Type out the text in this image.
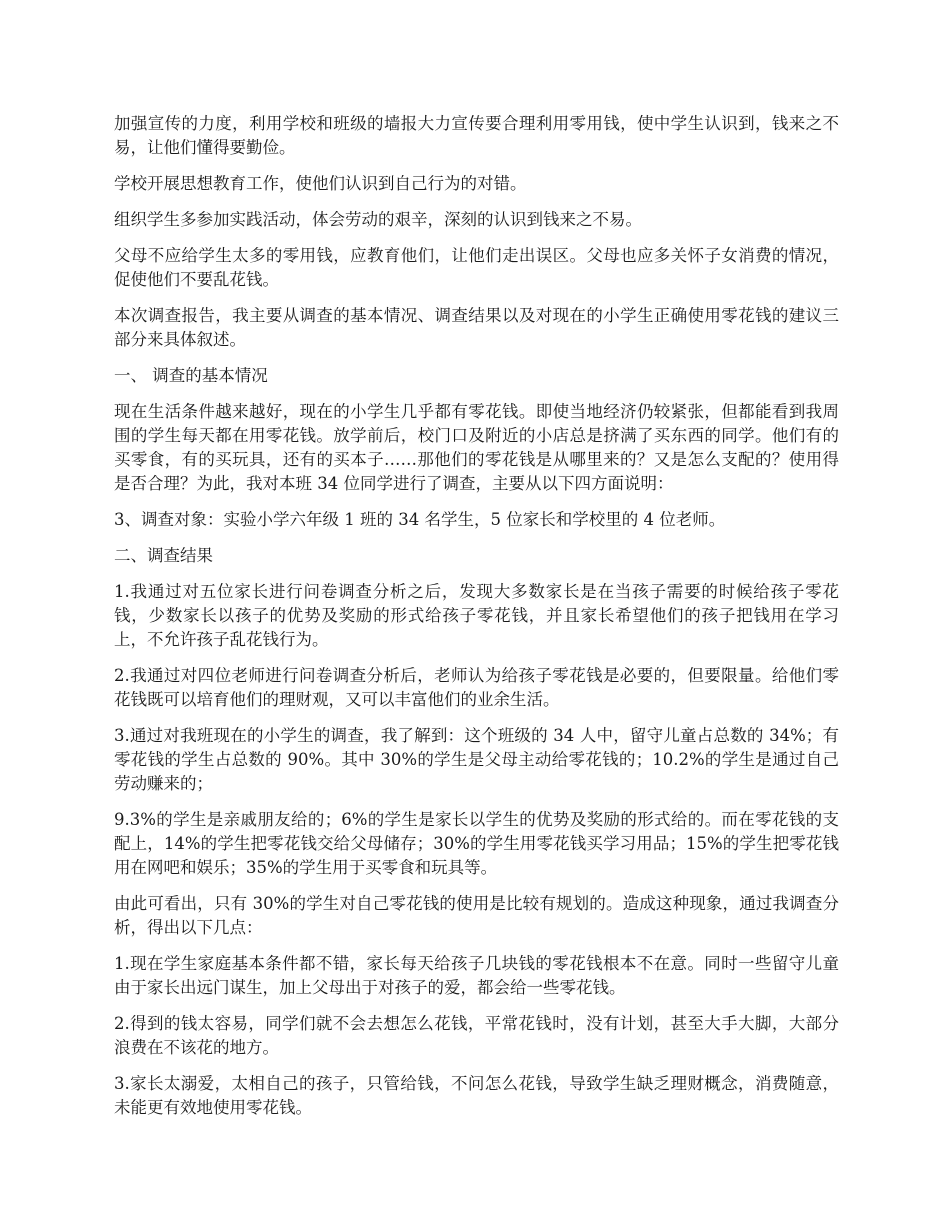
加强宣传的力度，利用学校和班级的墙报大力宣传要合理利用零用钱，使中学生认识到，钱来之不易，让他们懂得要勤俭。

学校开展思想教育工作，使他们认识到自己行为的对错。

组织学生多参加实践活动，体会劳动的艰辛，深刻的认识到钱来之不易。

父母不应给学生太多的零用钱，应教育他们，让他们走出误区。父母也应多关怀子女消费的情况，促使他们不要乱花钱。

本次调查报告，我主要从调查的基本情况、调查结果以及对现在的小学生正确使用零花钱的建议三部分来具体叙述。

一、 调查的基本情况

现在生活条件越来越好，现在的小学生几乎都有零花钱。即使当地经济仍较紧张，但都能看到我周围的学生每天都在用零花钱。放学前后，校门口及附近的小店总是挤满了买东西的同学。他们有的买零食，有的买玩具，还有的买本子……那他们的零花钱是从哪里来的？又是怎么支配的？使用得是否合理？为此，我对本班 34 位同学进行了调查，主要从以下四方面说明：

3、调查对象：实验小学六年级 1 班的 34 名学生，5 位家长和学校里的 4 位老师。

二、调查结果

1.我通过对五位家长进行问卷调查分析之后，发现大多数家长是在当孩子需要的时候给孩子零花钱，少数家长以孩子的优势及奖励的形式给孩子零花钱，并且家长希望他们的孩子把钱用在学习上，不允许孩子乱花钱行为。

2.我通过对四位老师进行问卷调查分析后，老师认为给孩子零花钱是必要的，但要限量。给他们零花钱既可以培育他们的理财观，又可以丰富他们的业余生活。

3.通过对我班现在的小学生的调查，我了解到：这个班级的 34 人中，留守儿童占总数的 34%；有零花钱的学生占总数的 90%。其中 30%的学生是父母主动给零花钱的；10.2%的学生是通过自己劳动赚来的；

9.3%的学生是亲戚朋友给的；6%的学生是家长以学生的优势及奖励的形式给的。而在零花钱的支配上，14%的学生把零花钱交给父母储存；30%的学生用零花钱买学习用品；15%的学生把零花钱用在网吧和娱乐；35%的学生用于买零食和玩具等。

由此可看出，只有 30%的学生对自己零花钱的使用是比较有规划的。造成这种现象，通过我调查分析，得出以下几点：

1.现在学生家庭基本条件都不错，家长每天给孩子几块钱的零花钱根本不在意。同时一些留守儿童由于家长出远门谋生，加上父母出于对孩子的爱，都会给一些零花钱。

2.得到的钱太容易，同学们就不会去想怎么花钱，平常花钱时，没有计划，甚至大手大脚，大部分浪费在不该花的地方。

3.家长太溺爱，太相自己的孩子，只管给钱，不问怎么花钱，导致学生缺乏理财概念，消费随意，未能更有效地使用零花钱。
